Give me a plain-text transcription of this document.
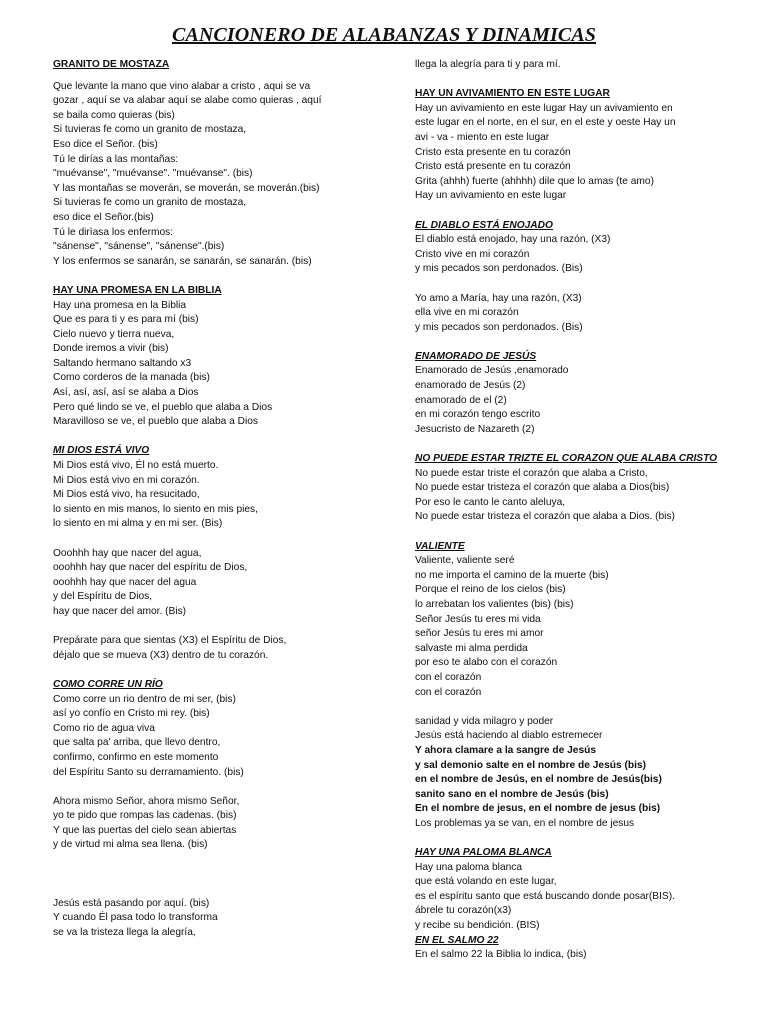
CANCIONERO DE ALABANZAS Y DINAMICAS
GRANITO DE MOSTAZA
Que levante la mano que vino alabar a cristo , aqui se va
gozar , aquí se va alabar aquí se alabe como quieras , aquí
se baila como quieras (bis)
Si tuvieras fe como un granito de mostaza,
Eso dice el Señor. (bis)
Tú le dirías a las montañas:
"muévanse", "muévanse". "muévanse". (bis)
Y las montañas se moverán, se moverán, se moverán.(bis)
Si tuvieras fe como un granito de mostaza,
eso dice el Señor.(bis)
Tú le dirìasa los enfermos:
"sánense", "sánense", "sánense".(bis)
Y los enfermos se sanarán, se sanarán, se sanarán. (bis)
HAY UNA PROMESA EN LA BIBLIA
Hay una promesa en la Biblia
Que es para ti y es para mí (bis)
Cielo nuevo y tierra nueva,
Donde iremos a vivir (bis)
Saltando hermano saltando x3
Como corderos de la manada (bis)
Así, así, así, así se alaba a Dios
Pero qué lindo se ve, el pueblo que alaba a Dios
Maravilloso se ve, el pueblo que alaba a Dios
MI DIOS ESTÁ VIVO
Mi Dios está vivo, Él no está muerto.
Mi Dios está vivo en mi corazón.
Mi Dios está vivo, ha resucitado,
lo siento en mis manos, lo siento en mis pies,
lo siento en mi alma y en mi ser. (Bis)

Ooohhh hay que nacer del agua,
ooohhh hay que nacer del espíritu de Dios,
ooohhh hay que nacer del agua
y del Espíritu de Dios,
hay que nacer del amor. (Bis)

Prepárate para que sientas (X3) el Espíritu de Dios,
déjalo que se mueva (X3) dentro de tu corazón.
COMO CORRE UN RÍO
Como corre un rio dentro de mi ser, (bis)
así yo confío en Cristo mi rey. (bis)
Como rio de agua viva
que salta pa' arriba, que llevo dentro,
confirmo, confirmo en este momento
del Espíritu Santo su derramamiento. (bis)

Ahora mismo Señor, ahora mismo Señor,
yo te pido que rompas las cadenas. (bis)
Y que las puertas del cielo sean abiertas
y de virtud mi alma sea llena. (bis)

Jesús está pasando por aquí. (bis)
Y cuando Él pasa todo lo transforma
se va la tristeza llega la alegría,
llega la alegría para ti y para mí.
HAY UN AVIVAMIENTO EN ESTE LUGAR
Hay un avivamiento en este lugar Hay un avivamiento en
este lugar en el norte, en el sur, en el este y oeste Hay un
avi - va - miento en este lugar
Cristo esta presente en tu corazón
Cristo está presente en tu corazón
Grita (ahhh) fuerte (ahhhh) dile que lo amas (te amo)
Hay un avivamiento en este lugar
EL DIABLO ESTÁ ENOJADO
El diablo está enojado, hay una razón, (X3)
Cristo vive en mi corazón
y mis pecados son perdonados. (Bis)

Yo amo a María, hay una razón, (X3)
ella vive en mi corazón
y mis pecados son perdonados. (Bis)
ENAMORADO DE JESÚS
Enamorado de Jesús ,enamorado
enamorado de Jesús (2)
enamorado de el (2)
en mi corazón tengo escrito
Jesucristo de Nazareth (2)
NO PUEDE ESTAR TRIZTE EL CORAZON QUE ALABA CRISTO
No puede estar triste el corazón que alaba a Cristo,
No puede estar tristeza el corazón que alaba a Dios(bis)
Por eso le canto le canto aleluya,
No puede estar tristeza el corazón que alaba a Dios. (bis)
VALIENTE
Valiente, valiente seré
no me importa el camino de la muerte (bis)
Porque el reino de los cielos (bis)
lo arrebatan los valientes (bis) (bis)
Señor Jesús tu eres mi vida
señor Jesús tu eres mi amor
salvaste mi alma perdida
por eso te alabo con el corazón
con el corazón
con el corazón

sanidad y vida milagro y poder
Jesús está haciendo al diablo estremecer
Y ahora clamare a la sangre de Jesús
y sal demonio salte en el nombre de Jesús (bis)
en el nombre de Jesús, en el nombre de Jesús(bis)
sanito sano en el nombre de Jesús (bis)
En el nombre de jesus, en el nombre de jesus (bis)
Los problemas ya se van, en el nombre de jesus
HAY UNA PALOMA BLANCA
Hay una paloma blanca
que está volando en este lugar,
es el espíritu santo que está buscando donde posar(BIS).
ábrele tu corazón(x3)
y recibe su bendición. (BIS)
EN EL SALMO 22
En el salmo 22 la Biblia lo indica, (bis)
